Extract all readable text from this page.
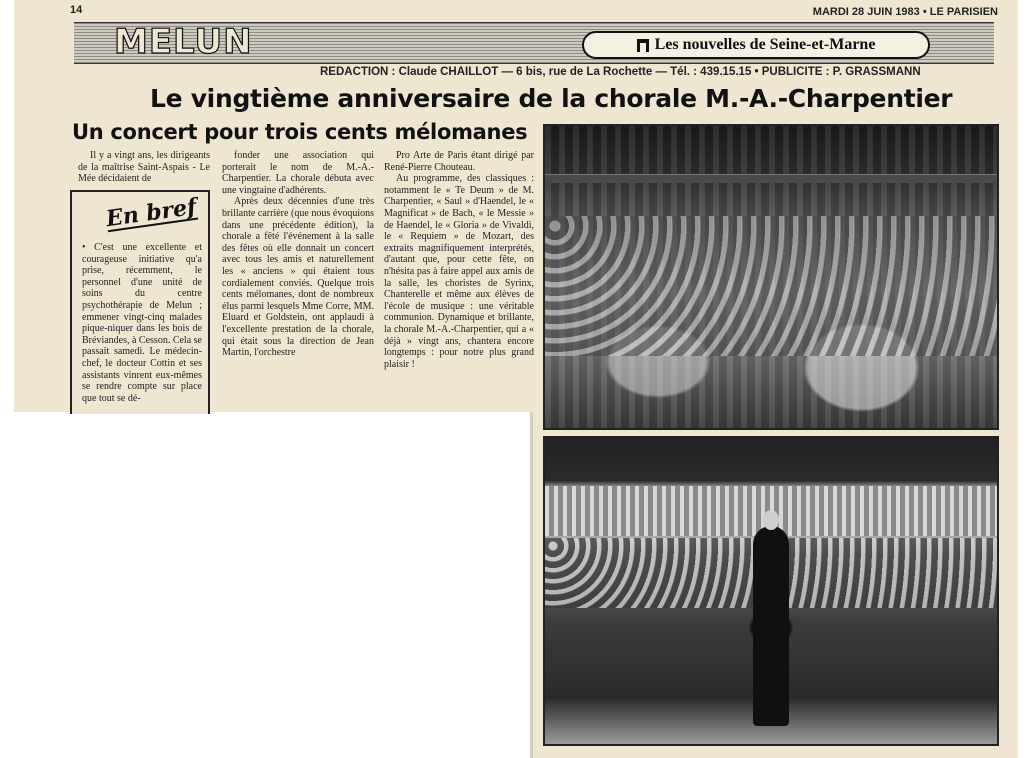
14	MARDI 28 JUIN 1983 • LE PARISIEN
MELUN	Les nouvelles de Seine-et-Marne
REDACTION : Claude CHAILLOT — 6 bis, rue de La Rochette — Tél. : 439.15.15 • PUBLICITE : P. GRASSMANN
Le vingtième anniversaire de la chorale M.-A.-Charpentier
Un concert pour trois cents mélomanes

Il y a vingt ans, les dirigeants de la maîtrise Saint-Aspais - Le Mée décidaient de

En bref

• C'est une excellente et courageuse initiative qu'a prise, récemment, le personnel d'une unité de soins du centre psychothérapie de Melun ; emmener vingt-cinq malades pique-niquer dans les bois de Bréviandes, à Cesson. Cela se passait samedi. Le médecin-chef, le docteur Cottin et ses assistants vinrent eux-mêmes se rendre compte sur place que tout se dé-

fonder une association qui porterait le nom de M.-A.-Charpentier. La chorale débuta avec une vingtaine d'adhérents.

Après deux décennies d'une très brillante carrière (que nous évoquions dans une précédente édition), la chorale a fêté l'événement à la salle des fêtes où elle donnait un concert avec tous les amis et naturellement les « anciens » qui étaient tous cordialement conviés. Quelque trois cents mélomanes, dont de nombreux élus parmi lesquels Mme Corre, MM. Eluard et Goldstein, ont applaudi à l'excellente prestation de la chorale, qui était sous la direction de Jean Martin, l'orchestre

Pro Arte de Paris étant dirigé par René-Pierre Chouteau.

Au programme, des classiques : notamment le « Te Deum » de M. Charpentier, « Saul » d'Haendel, le « Magnificat » de Bach, « le Messie » de Haendel, le « Gloria » de Vivaldi, le « Requiem » de Mozart, des extraits magnifiquement interprétés, d'autant que, pour cette fête, on n'hésita pas à faire appel aux amis de la salle, les choristes de Syrinx, Chanterelle et même aux élèves de l'école de musique : une véritable communion. Dynamique et brillante, la chorale M.-A.-Charpentier, qui a « déjà » vingt ans, chantera encore longtemps : pour notre plus grand plaisir !
